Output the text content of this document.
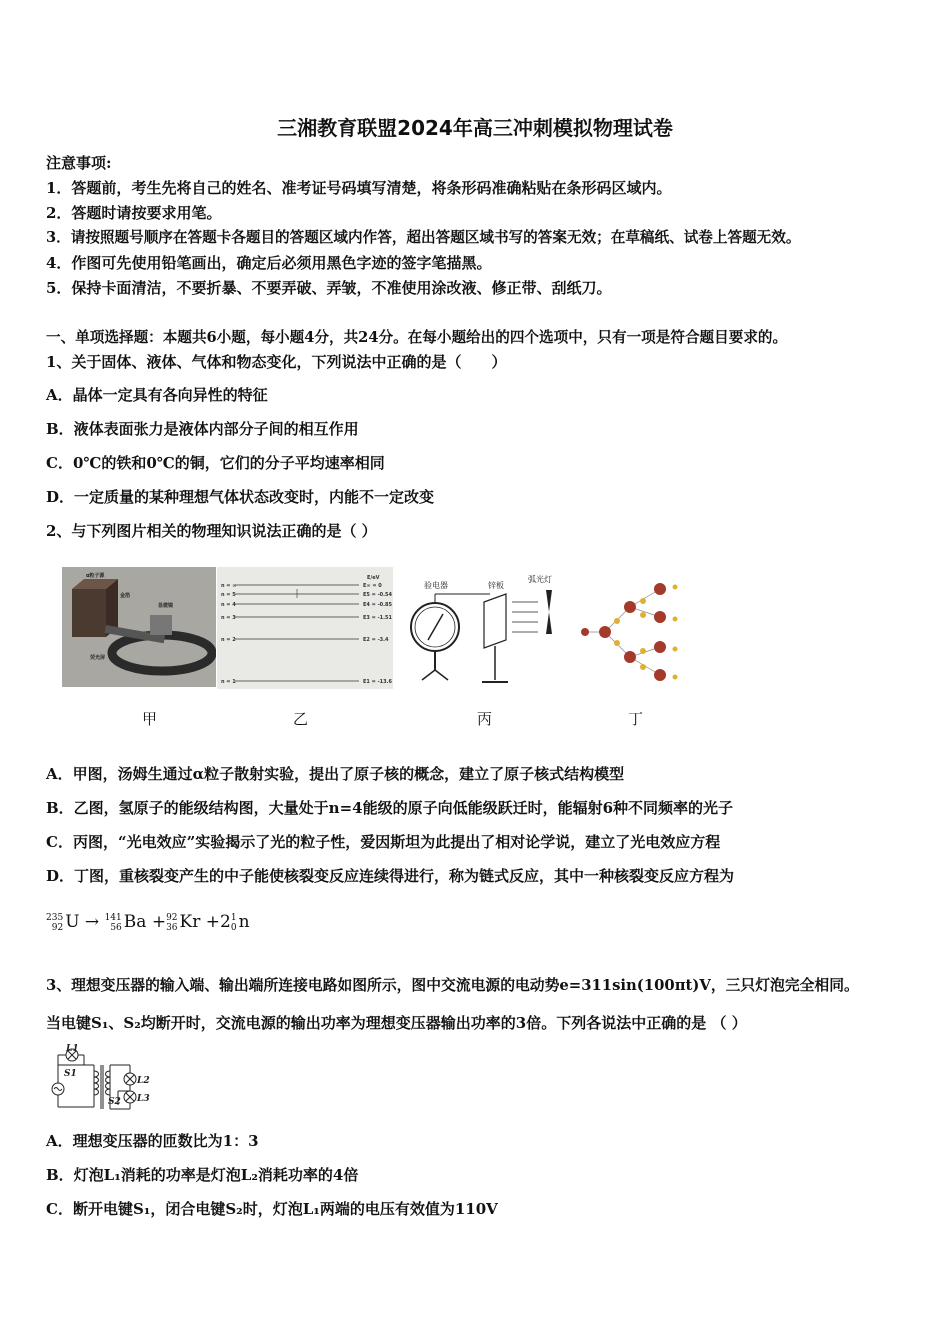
三湘教育联盟2024年高三冲刺模拟物理试卷
注意事项:
1．答题前，考生先将自己的姓名、准考证号码填写清楚，将条形码准确粘贴在条形码区域内。
2．答题时请按要求用笔。
3．请按照题号顺序在答题卡各题目的答题区域内作答，超出答题区域书写的答案无效；在草稿纸、试卷上答题无效。
4．作图可先使用铅笔画出，确定后必须用黑色字迹的签字笔描黑。
5．保持卡面清洁，不要折暴、不要弄破、弄皱，不准使用涂改液、修正带、刮纸刀。
一、单项选择题：本题共6小题，每小题4分，共24分。在每小题给出的四个选项中，只有一项是符合题目要求的。
1、关于固体、液体、气体和物态变化，下列说法中正确的是（　　）
A．晶体一定具有各向异性的特征
B．液体表面张力是液体内部分子间的相互作用
C．0℃的铁和0℃的铜，它们的分子平均速率相同
D．一定质量的某种理想气体状态改变时，内能不一定改变
2、与下列图片相关的物理知识说法正确的是（ ）
α粒子源
金箔
荧光屏
显微镜
E/eV
n = ∞	E∞ = 0
n = 5	E5 = -0.54
n = 4	E4 = -0.85
n = 3	E3 = -1.51
n = 2	E2 = -3.4
n = 1	E1 = -13.6
验电器	锌板
弧光灯
甲	乙	丙	丁
A．甲图，汤姆生通过α粒子散射实验，提出了原子核的概念，建立了原子核式结构模型
B．乙图，氢原子的能级结构图，大量处于n=4能级的原子向低能级跃迁时，能辐射6种不同频率的光子
C．丙图，“光电效应”实验揭示了光的粒子性，爱因斯坦为此提出了相对论学说，建立了光电效应方程
D．丁图，重核裂变产生的中子能使核裂变反应连续得进行，称为链式反应，其中一种核裂变反应方程为
235
92 U → 141
56 Ba +92
36 Kr +21
0 n
3、理想变压器的输入端、输出端所连接电路如图所示，图中交流电源的电动势e=311sin(100πt)V，三只灯泡完全相同。
当电键S₁、S₂均断开时，交流电源的输出功率为理想变压器输出功率的3倍。下列各说法中正确的是 （ ）
L1
S1
L2
S2 L3
A．理想变压器的匝数比为1：3
B．灯泡L₁消耗的功率是灯泡L₂消耗功率的4倍
C．断开电键S₁，闭合电键S₂时，灯泡L₁两端的电压有效值为110V
